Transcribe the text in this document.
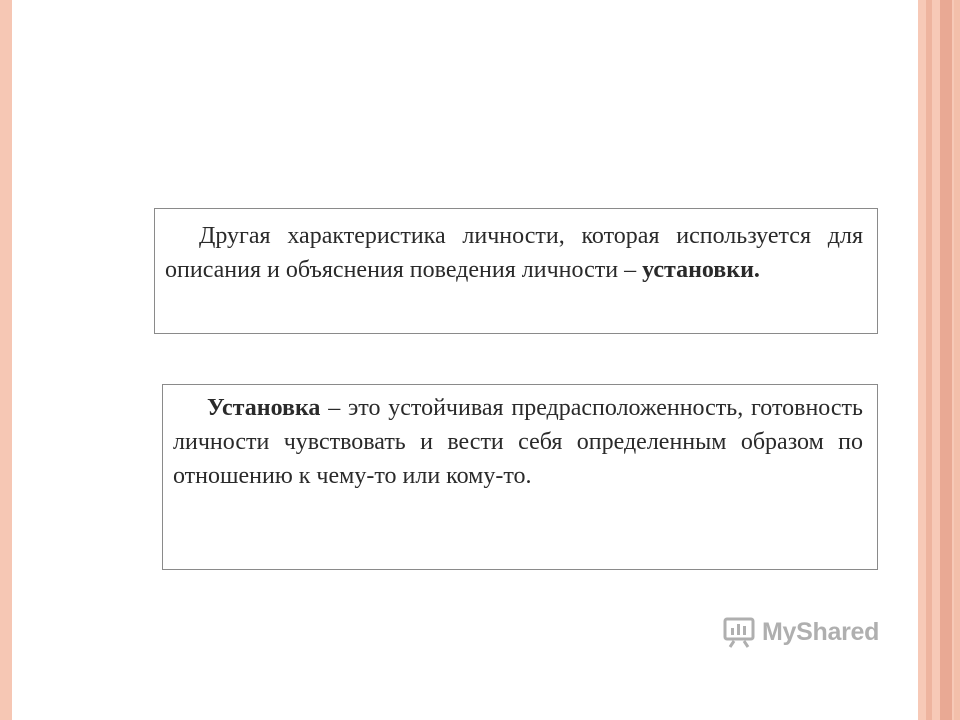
Другая характеристика личности, которая используется для описания и объяснения поведения личности – установки.
Установка – это устойчивая предрасположенность, готовность личности чувствовать и вести себя определенным образом по отношению к чему-то или кому-то.
MyShared
